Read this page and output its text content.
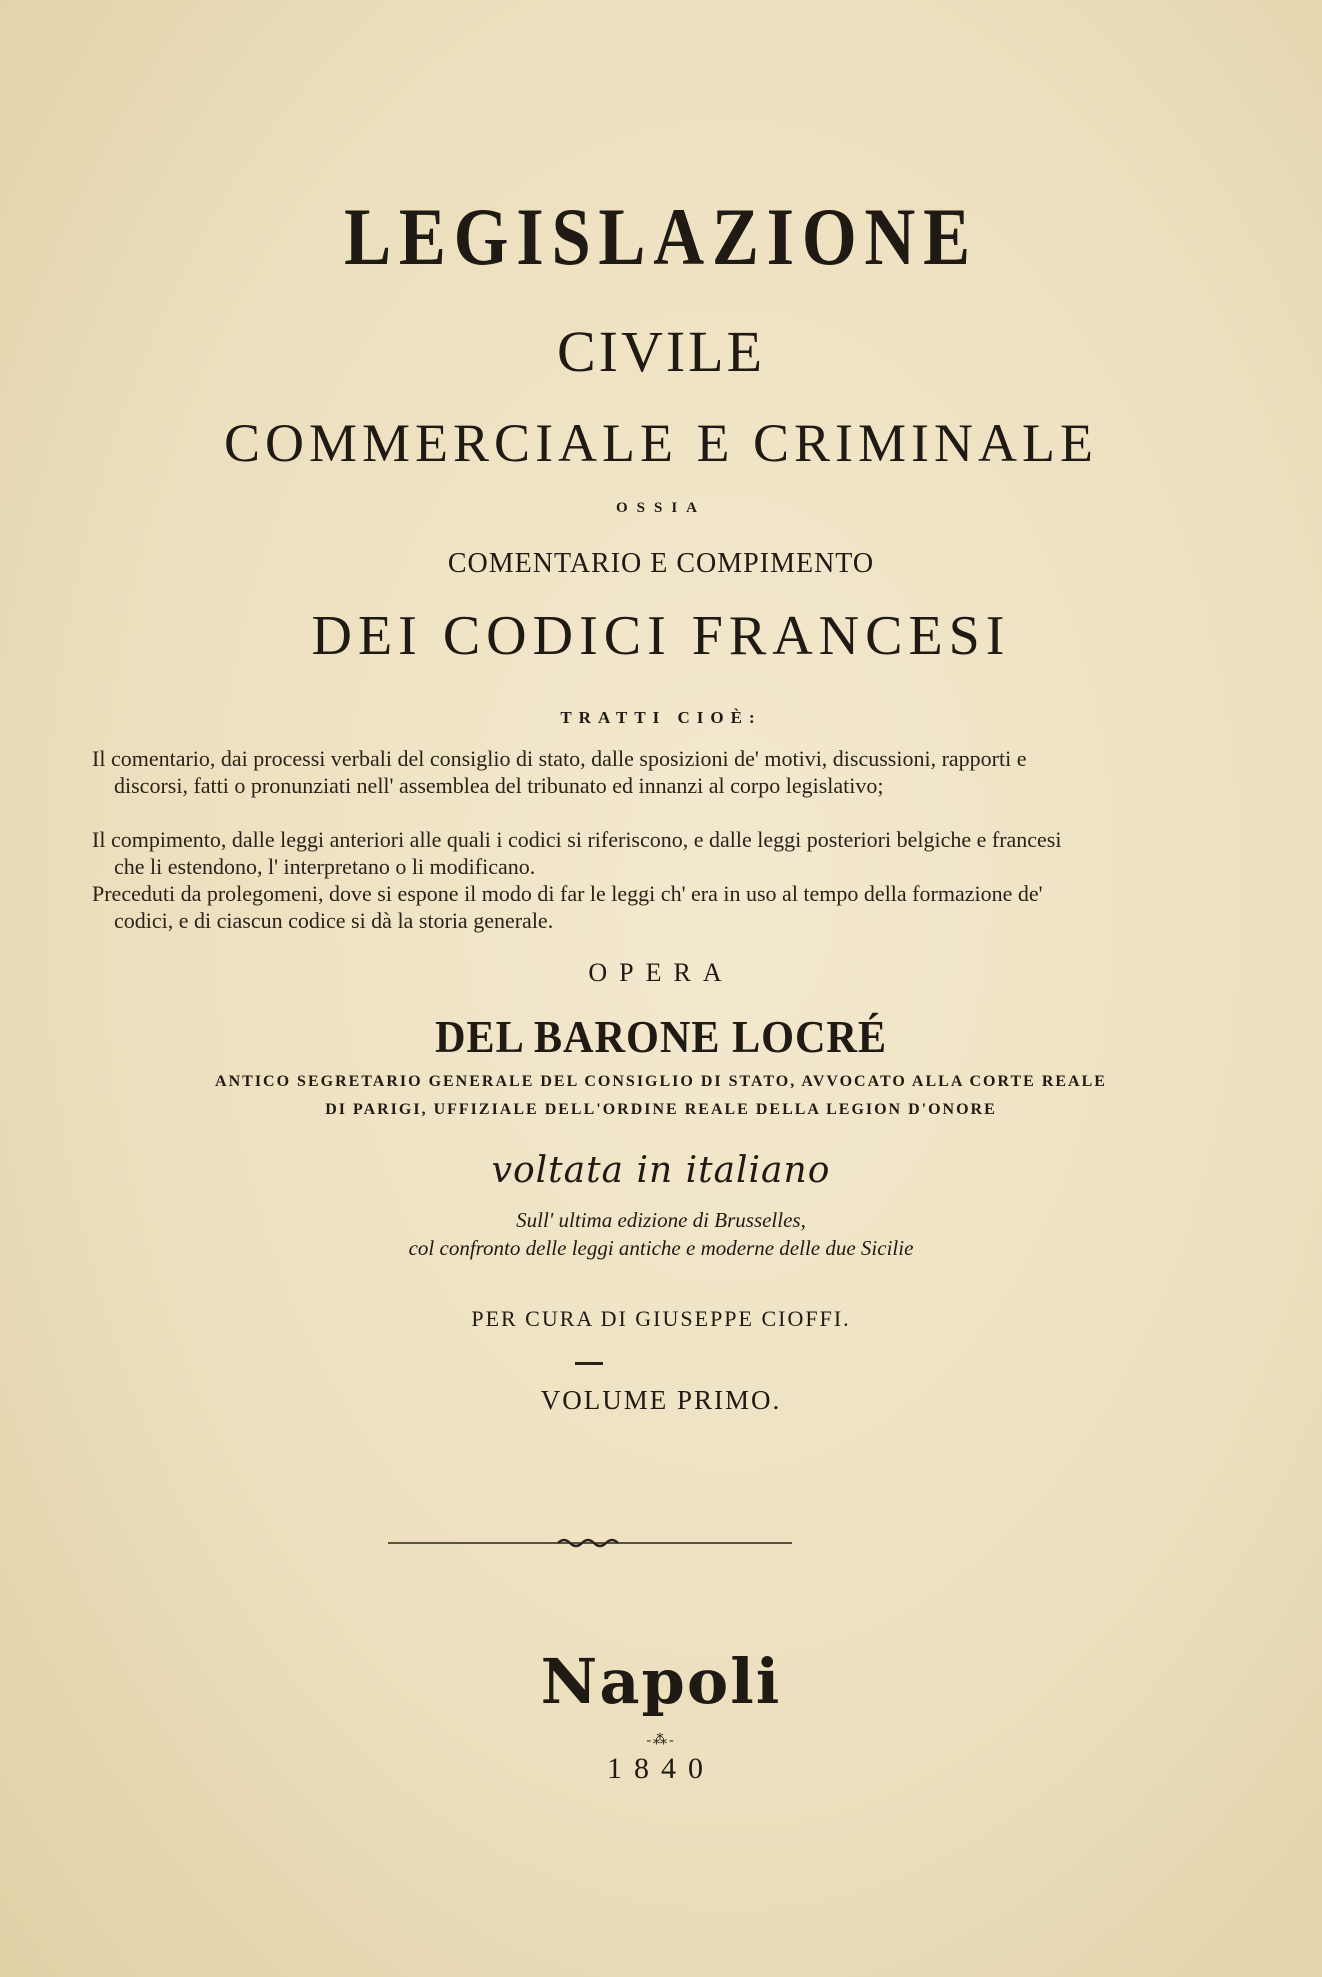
LEGISLAZIONE
CIVILE
COMMERCIALE E CRIMINALE
OSSIA
COMENTARIO E COMPIMENTO
DEI CODICI FRANCESI
TRATTI CIOÈ:
Il comentario, dai processi verbali del consiglio di stato, dalle sposizioni de' motivi, discussioni, rapporti e discorsi, fatti o pronunziati nell' assemblea del tribunato ed innanzi al corpo legislativo;
Il compimento, dalle leggi anteriori alle quali i codici si riferiscono, e dalle leggi posteriori belgiche e francesi che li estendono, l' interpretano o li modificano.
Preceduti da prolegomeni, dove si espone il modo di far le leggi ch' era in uso al tempo della formazione de' codici, e di ciascun codice si dà la storia generale.
OPERA
DEL BARONE LOCRÉ
ANTICO SEGRETARIO GENERALE DEL CONSIGLIO DI STATO, AVVOCATO ALLA CORTE REALE
DI PARIGI, UFFIZIALE DELL'ORDINE REALE DELLA LEGION D'ONORE
voltata in italiano
Sull' ultima edizione di Brusselles,
col confronto delle leggi antiche e moderne delle due Sicilie
PER CURA DI GIUSEPPE CIOFFI.
VOLUME PRIMO.
Napoli
-⁂-
1840
